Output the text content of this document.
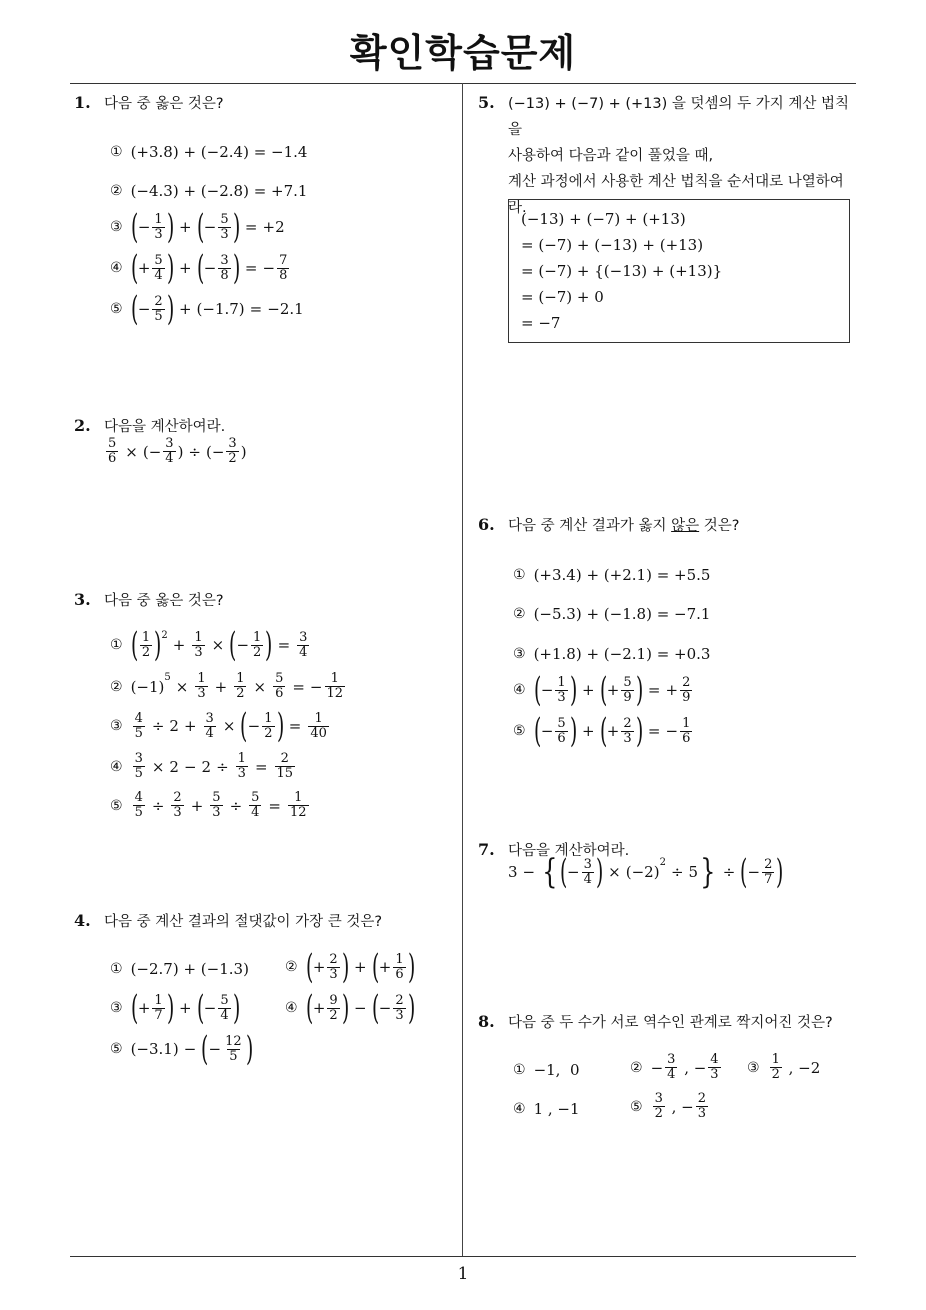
확인학습문제
1
1. 다음 중 옳은 것은?
① (+3.8) + (−2.4) = −1.4
② (−4.3) + (−2.8) = +7.1
③ ( − $\frac{1}{3}$ ) + ( − $\frac{5}{3}$ ) = +2
④ ( + $\frac{5}{4}$ ) + ( − $\frac{3}{8}$ ) = − $\frac{7}{8}$
⑤ ( − $\frac{2}{5}$ ) + (−1.7) = −2.1
2. 다음을 계산하여라.
$\frac{5}{6}$ × (− $\frac{3}{4}$ ) ÷ (− $\frac{3}{2}$ )
3. 다음 중 옳은 것은?
① ( $\frac{1}{2} )^2$
+ $\frac{1}{3}$ × ( − $\frac{1}{2}$ ) = $\frac{3}{4}$
② $(-1)^5 \times \frac{1}{3} + \frac{1}{2} \times \frac{5}{6}$ = − $\frac{1}{12}$
③ $\frac{4}{5} \div 2 + \frac{3}{4}$ × ( − $\frac{1}{2}$ ) = $\frac{1}{40}$
④ $\frac{3}{5} \times 2 - 2 \div \frac{1}{3} = \frac{2}{15}$
⑤ $\frac{4}{5} \div \frac{2}{3} + \frac{5}{3} \div \frac{5}{4} = \frac{1}{12}$
4. 다음 중 계산 결과의 절댓값이 가장 큰 것은?
① (−2.7) + (−1.3)	② ( + $\frac{2}{3}$ ) + ( + $\frac{1}{6}$ )
③ ( + $\frac{1}{7}$ ) + ( − $\frac{5}{4}$ )	④ ( + $\frac{9}{2}$ ) − ( − $\frac{2}{3}$ )
⑤ (−3.1) − ( − $\frac{12}{5}$ )
5. (−13) + (−7) + (+13) 을 덧셈의 두 가지 계산 법칙을
사용하여 다음과 같이 풀었을 때,
계산 과정에서 사용한 계산 법칙을 순서대로 나열하여
라.
(−13) + (−7) + (+13)
= (−7) + (−13) + (+13)
= (−7) + {(−13) + (+13)}
= (−7) + 0
= −7
6. 다음 중 계산 결과가 옳지 않은 것은?
① (+3.4) + (+2.1) = +5.5
② (−5.3) + (−1.8) = −7.1
③ (+1.8) + (−2.1) = +0.3
④ ( − $\frac{1}{3}$ ) + ( + $\frac{5}{9}$ ) = + $\frac{2}{9}$
⑤ ( − $\frac{5}{6}$ ) + ( + $\frac{2}{3}$ ) = − $\frac{1}{6}$
7. 다음을 계산하여라.
3 − { ( − $\frac{3}{4}$ ) × (−2)
$^2$
÷ 5 } ÷ ( − $\frac{2}{7}$ )
8. 다음 중 두 수가 서로 역수인 관계로 짝지어진 것은?
① −1,  0	② − $\frac{3}{4}$ , − $\frac{4}{3}$ ③ $\frac{1}{2}$ , −2
④ 1 , −1	⑤ $\frac{3}{2}$ , − $\frac{2}{3}$
